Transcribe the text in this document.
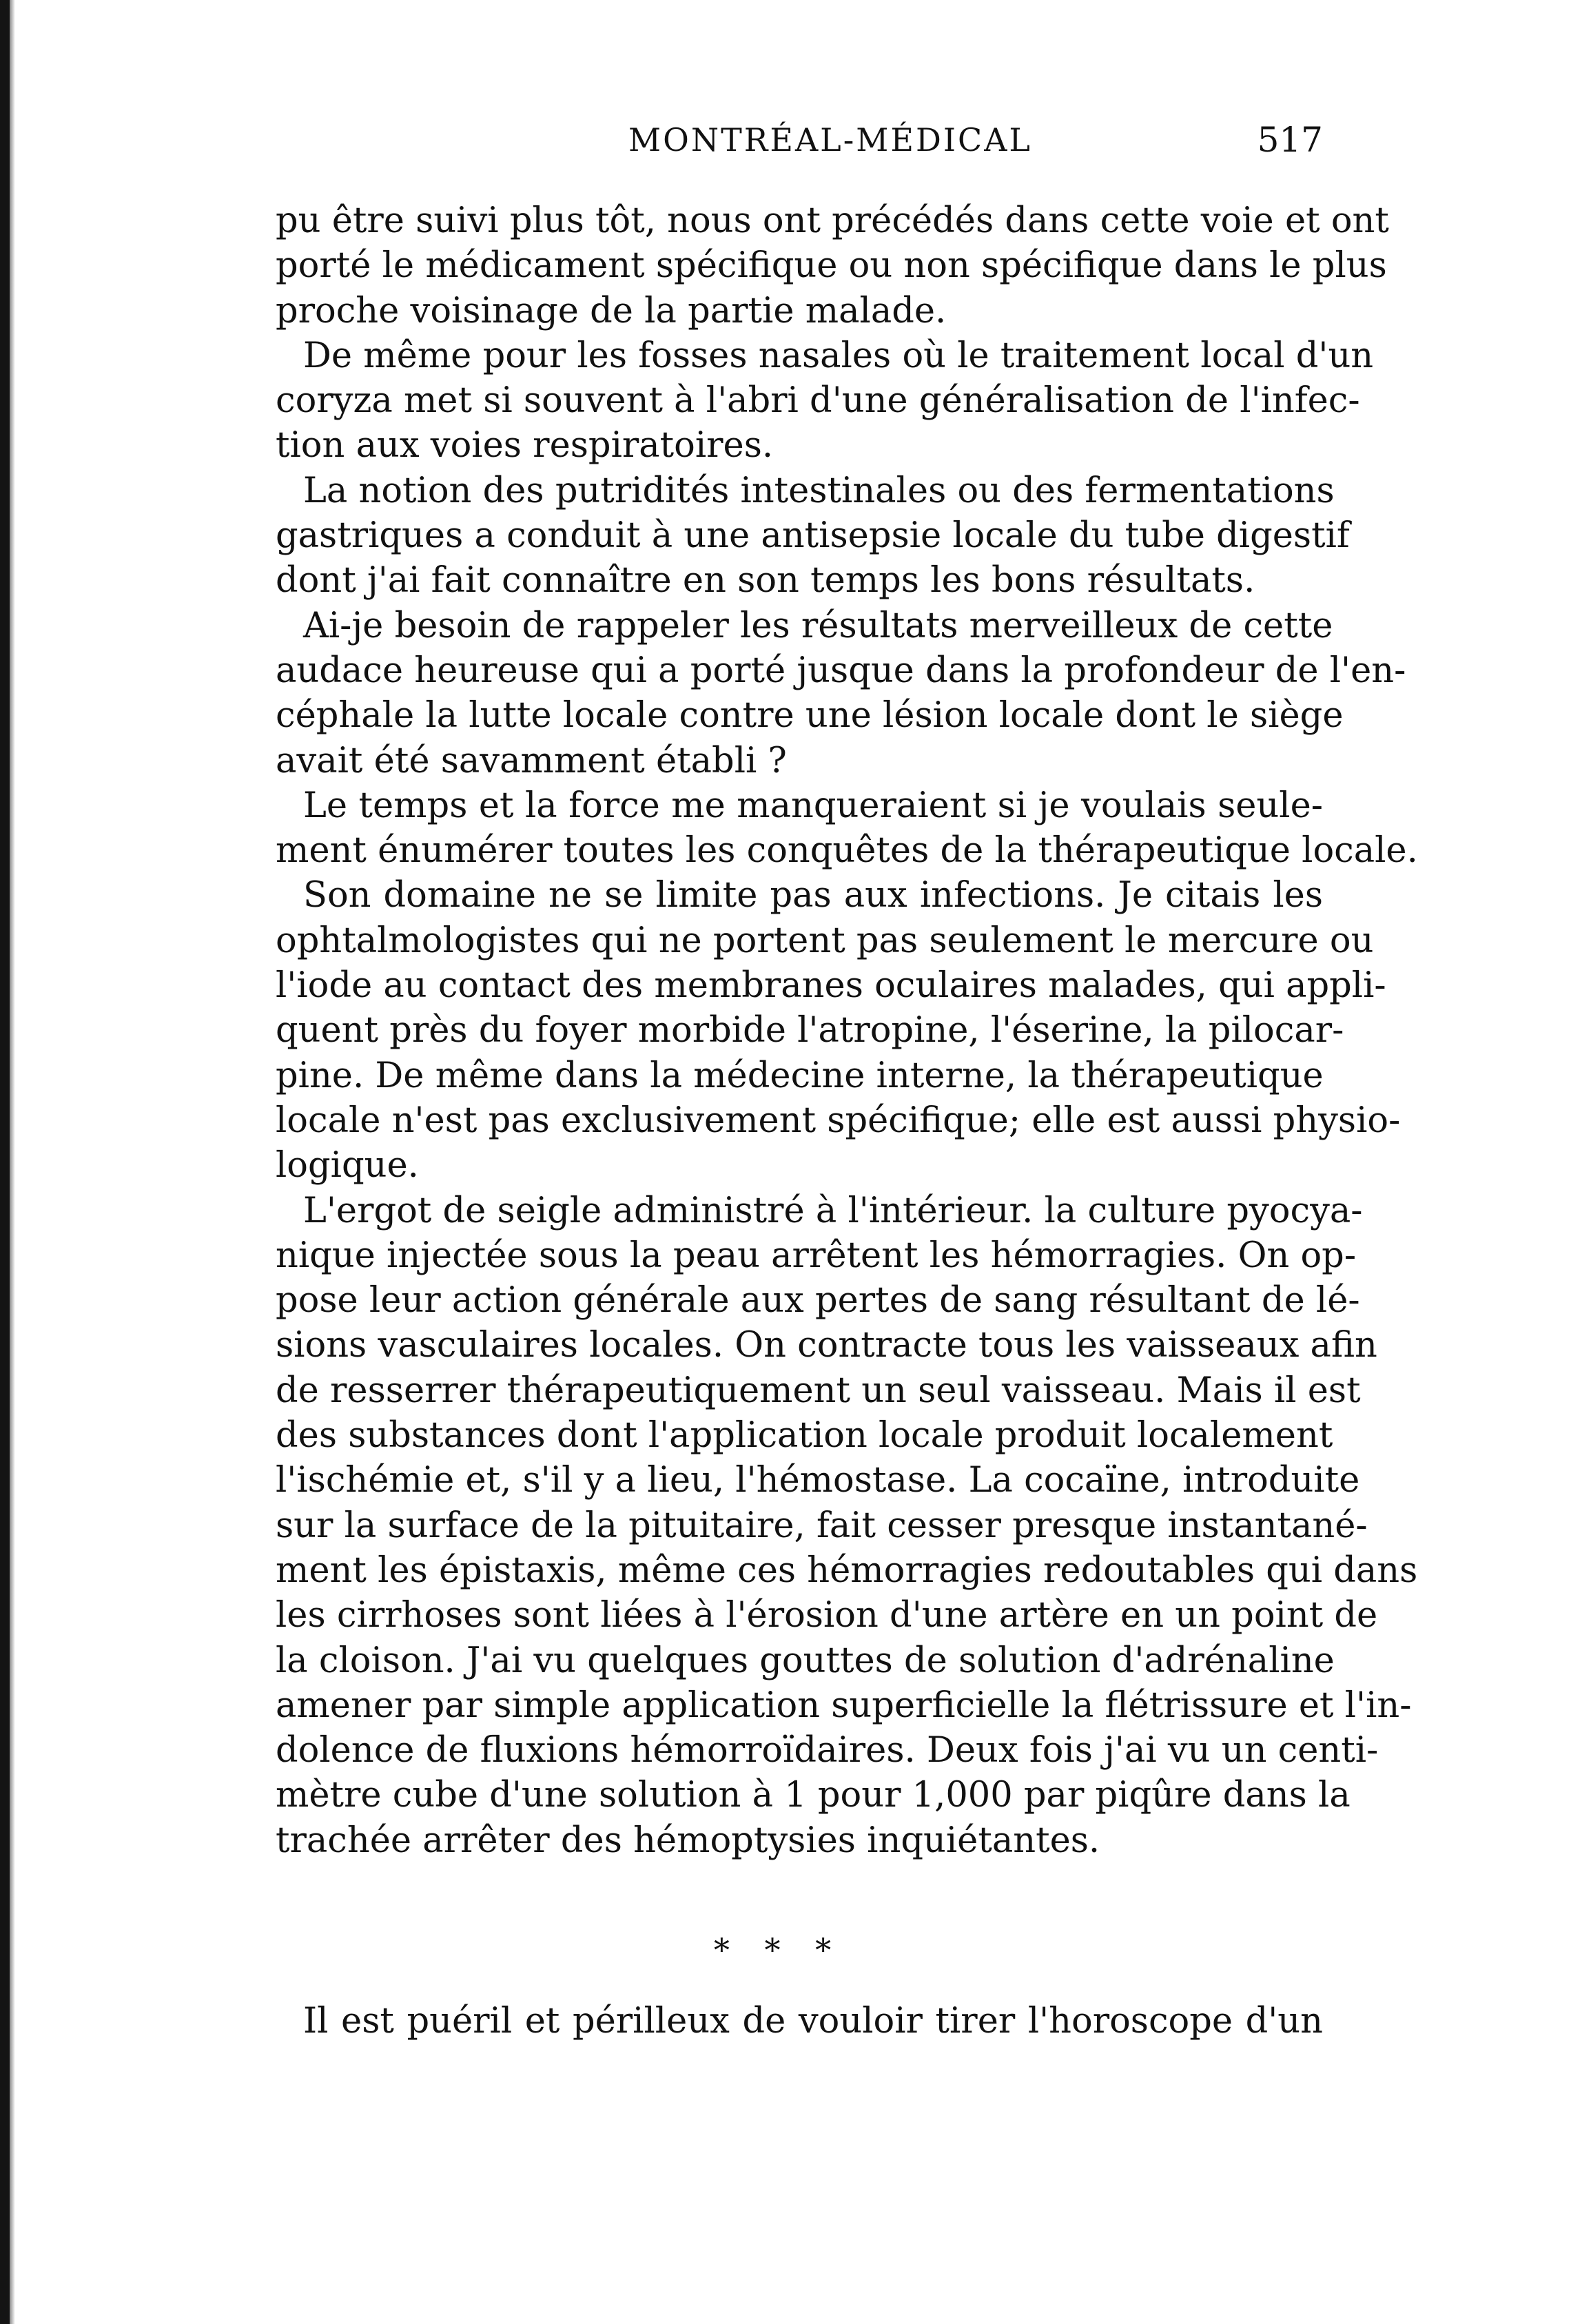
MONTRÉAL-MÉDICAL	517
pu être suivi plus tôt, nous ont précédés dans cette voie et ont
porté le médicament spécifique ou non spécifique dans le plus
proche voisinage de la partie malade.
De même pour les fosses nasales où le traitement local d'un
coryza met si souvent à l'abri d'une généralisation de l'infec-
tion aux voies respiratoires.
La notion des putridités intestinales ou des fermentations
gastriques a conduit à une antisepsie locale du tube digestif
dont j'ai fait connaître en son temps les bons résultats.
Ai-je besoin de rappeler les résultats merveilleux de cette
audace heureuse qui a porté jusque dans la profondeur de l'en-
céphale la lutte locale contre une lésion locale dont le siège
avait été savamment établi ?
Le temps et la force me manqueraient si je voulais seule-
ment énumérer toutes les conquêtes de la thérapeutique locale.
Son domaine ne se limite pas aux infections. Je citais les
ophtalmologistes qui ne portent pas seulement le mercure ou
l'iode au contact des membranes oculaires malades, qui appli-
quent près du foyer morbide l'atropine, l'éserine, la pilocar-
pine. De même dans la médecine interne, la thérapeutique
locale n'est pas exclusivement spécifique; elle est aussi physio-
logique.
L'ergot de seigle administré à l'intérieur. la culture pyocya-
nique injectée sous la peau arrêtent les hémorragies. On op-
pose leur action générale aux pertes de sang résultant de lé-
sions vasculaires locales. On contracte tous les vaisseaux afin
de resserrer thérapeutiquement un seul vaisseau. Mais il est
des substances dont l'application locale produit localement
l'ischémie et, s'il y a lieu, l'hémostase. La cocaïne, introduite
sur la surface de la pituitaire, fait cesser presque instantané-
ment les épistaxis, même ces hémorragies redoutables qui dans
les cirrhoses sont liées à l'érosion d'une artère en un point de
la cloison. J'ai vu quelques gouttes de solution d'adrénaline
amener par simple application superficielle la flétrissure et l'in-
dolence de fluxions hémorroïdaires. Deux fois j'ai vu un centi-
mètre cube d'une solution à 1 pour 1,000 par piqûre dans la
trachée arrêter des hémoptysies inquiétantes.
* * *
Il est puéril et périlleux de vouloir tirer l'horoscope d'un
